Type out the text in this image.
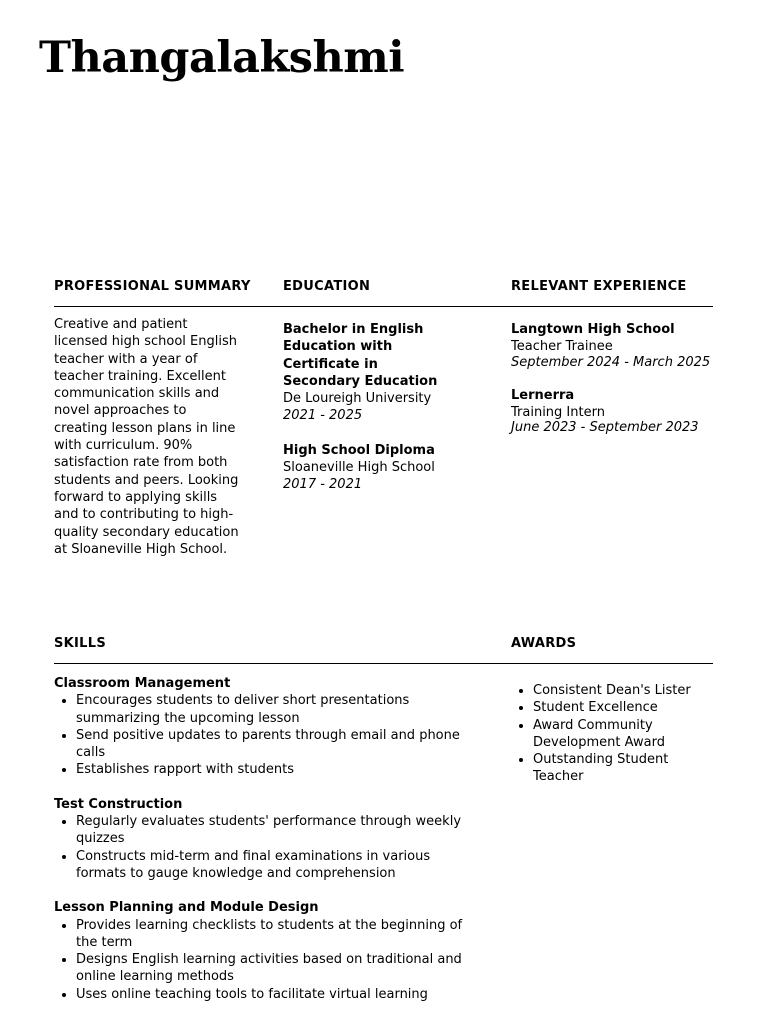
Thangalakshmi
PROFESSIONAL SUMMARY EDUCATION	RELEVANT EXPERIENCE

Creative and patient licensed high school English teacher with a year of teacher training. Excellent communication skills and novel approaches to creating lesson plans in line with curriculum. 90% satisfaction rate from both students and peers. Looking forward to applying skills and to contributing to high-quality secondary education at Sloaneville High School.

Bachelor in English Education with Certificate in Secondary Education
De Loureigh University
2021 - 2025
High School Diploma
Sloaneville High School
2017 - 2021
Langtown High School
Teacher Trainee
September 2024 - March 2025
Lernerra
Training Intern
June 2023 - September 2023
SKILLS	AWARDS
Classroom Management
• Encourages students to deliver short presentations summarizing the upcoming lesson
• Send positive updates to parents through email and phone calls
• Establishes rapport with students
Test Construction
• Regularly evaluates students' performance through weekly quizzes
• Constructs mid-term and final examinations in various formats to gauge knowledge and comprehension
Lesson Planning and Module Design
• Provides learning checklists to students at the beginning of the term
• Designs English learning activities based on traditional and online learning methods
• Uses online teaching tools to facilitate virtual learning
• Consistent Dean's Lister
• Student Excellence
• Award Community Development Award
• Outstanding Student Teacher
